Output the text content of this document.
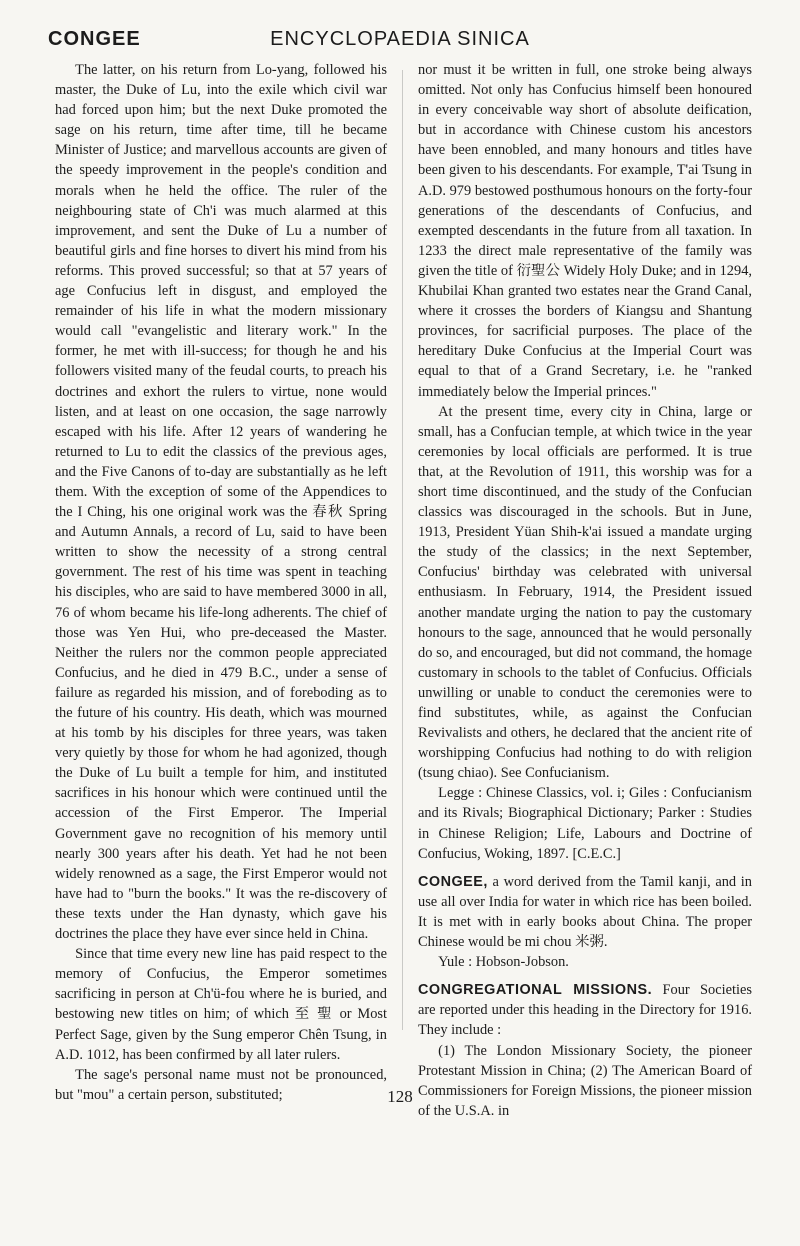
CONGEE	ENCYCLOPAEDIA SINICA

The latter, on his return from Lo-yang, followed his master, the Duke of Lu, into the exile which civil war had forced upon him; but the next Duke promoted the sage on his return, time after time, till he became Minister of Justice; and marvellous accounts are given of the speedy improvement in the people's condition and morals when he held the office. The ruler of the neighbouring state of Ch'i was much alarmed at this improvement, and sent the Duke of Lu a number of beautiful girls and fine horses to divert his mind from his reforms. This proved successful; so that at 57 years of age Confucius left in disgust, and employed the remainder of his life in what the modern missionary would call "evangelistic and literary work." In the former, he met with ill-success; for though he and his followers visited many of the feudal courts, to preach his doctrines and exhort the rulers to virtue, none would listen, and at least on one occasion, the sage narrowly escaped with his life. After 12 years of wandering he returned to Lu to edit the classics of the previous ages, and the Five Canons of to-day are substantially as he left them. With the exception of some of the Appendices to the I Ching, his one original work was the 春秋 Spring and Autumn Annals, a record of Lu, said to have been written to show the necessity of a strong central government. The rest of his time was spent in teaching his disciples, who are said to have membered 3000 in all, 76 of whom became his life-long adherents. The chief of those was Yen Hui, who pre-deceased the Master. Neither the rulers nor the common people appreciated Confucius, and he died in 479 B.C., under a sense of failure as regarded his mission, and of foreboding as to the future of his country. His death, which was mourned at his tomb by his disciples for three years, was taken very quietly by those for whom he had agonized, though the Duke of Lu built a temple for him, and instituted sacrifices in his honour which were continued until the accession of the First Emperor. The Imperial Government gave no recognition of his memory until nearly 300 years after his death. Yet had he not been widely renowned as a sage, the First Emperor would not have had to "burn the books." It was the re-discovery of these texts under the Han dynasty, which gave his doctrines the place they have ever since held in China.

Since that time every new line has paid respect to the memory of Confucius, the Emperor sometimes sacrificing in person at Ch'ü-fou where he is buried, and bestowing new titles on him; of which 至 聖 or Most Perfect Sage, given by the Sung emperor Chên Tsung, in A.D. 1012, has been confirmed by all later rulers.

The sage's personal name must not be pronounced, but "mou" a certain person, substituted;

nor must it be written in full, one stroke being always omitted. Not only has Confucius himself been honoured in every conceivable way short of absolute deification, but in accordance with Chinese custom his ancestors have been ennobled, and many honours and titles have been given to his descendants. For example, T'ai Tsung in A.D. 979 bestowed posthumous honours on the forty-four generations of the descendants of Confucius, and exempted descendants in the future from all taxation. In 1233 the direct male representative of the family was given the title of 衍聖公 Widely Holy Duke; and in 1294, Khubilai Khan granted two estates near the Grand Canal, where it crosses the borders of Kiangsu and Shantung provinces, for sacrificial purposes. The place of the hereditary Duke Confucius at the Imperial Court was equal to that of a Grand Secretary, i.e. he "ranked immediately below the Imperial princes."

At the present time, every city in China, large or small, has a Confucian temple, at which twice in the year ceremonies by local officials are performed. It is true that, at the Revolution of 1911, this worship was for a short time discontinued, and the study of the Confucian classics was discouraged in the schools. But in June, 1913, President Yüan Shih-k'ai issued a mandate urging the study of the classics; in the next September, Confucius' birthday was celebrated with universal enthusiasm. In February, 1914, the President issued another mandate urging the nation to pay the customary honours to the sage, announced that he would personally do so, and encouraged, but did not command, the homage customary in schools to the tablet of Confucius. Officials unwilling or unable to conduct the ceremonies were to find substitutes, while, as against the Confucian Revivalists and others, he declared that the ancient rite of worshipping Confucius had nothing to do with religion (tsung chiao). See Confucianism.

Legge : Chinese Classics, vol. i; Giles : Confucianism and its Rivals; Biographical Dictionary; Parker : Studies in Chinese Religion; Life, Labours and Doctrine of Confucius, Woking, 1897. [C.E.C.]

CONGEE, a word derived from the Tamil kanji, and in use all over India for water in which rice has been boiled. It is met with in early books about China. The proper Chinese would be mi chou 米粥.

Yule : Hobson-Jobson.

CONGREGATIONAL MISSIONS. Four Societies are reported under this heading in the Directory for 1916. They include :

(1) The London Missionary Society, the pioneer Protestant Mission in China; (2) The American Board of Commissioners for Foreign Missions, the pioneer mission of the U.S.A. in

128
